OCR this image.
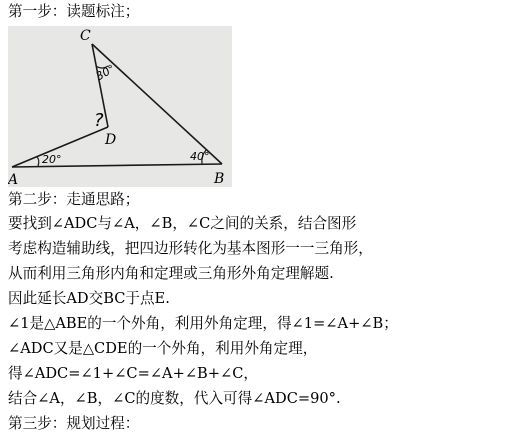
第一步：读题标注；
C
D
A	B
20°	40°
30°
?
第二步：走通思路；
要找到∠ADC与∠A，∠B，∠C之间的关系，结合图形
考虑构造辅助线，把四边形转化为基本图形一一三角形，
从而利用三角形内角和定理或三角形外角定理解题.
因此延长AD交BC于点E.
∠1是△ABE的一个外角，利用外角定理，得∠1=∠A+∠B；
∠ADC又是△CDE的一个外角，利用外角定理，
得∠ADC=∠1+∠C=∠A+∠B+∠C，
结合∠A，∠B，∠C的度数，代入可得∠ADC=90°.
第三步：规划过程：
